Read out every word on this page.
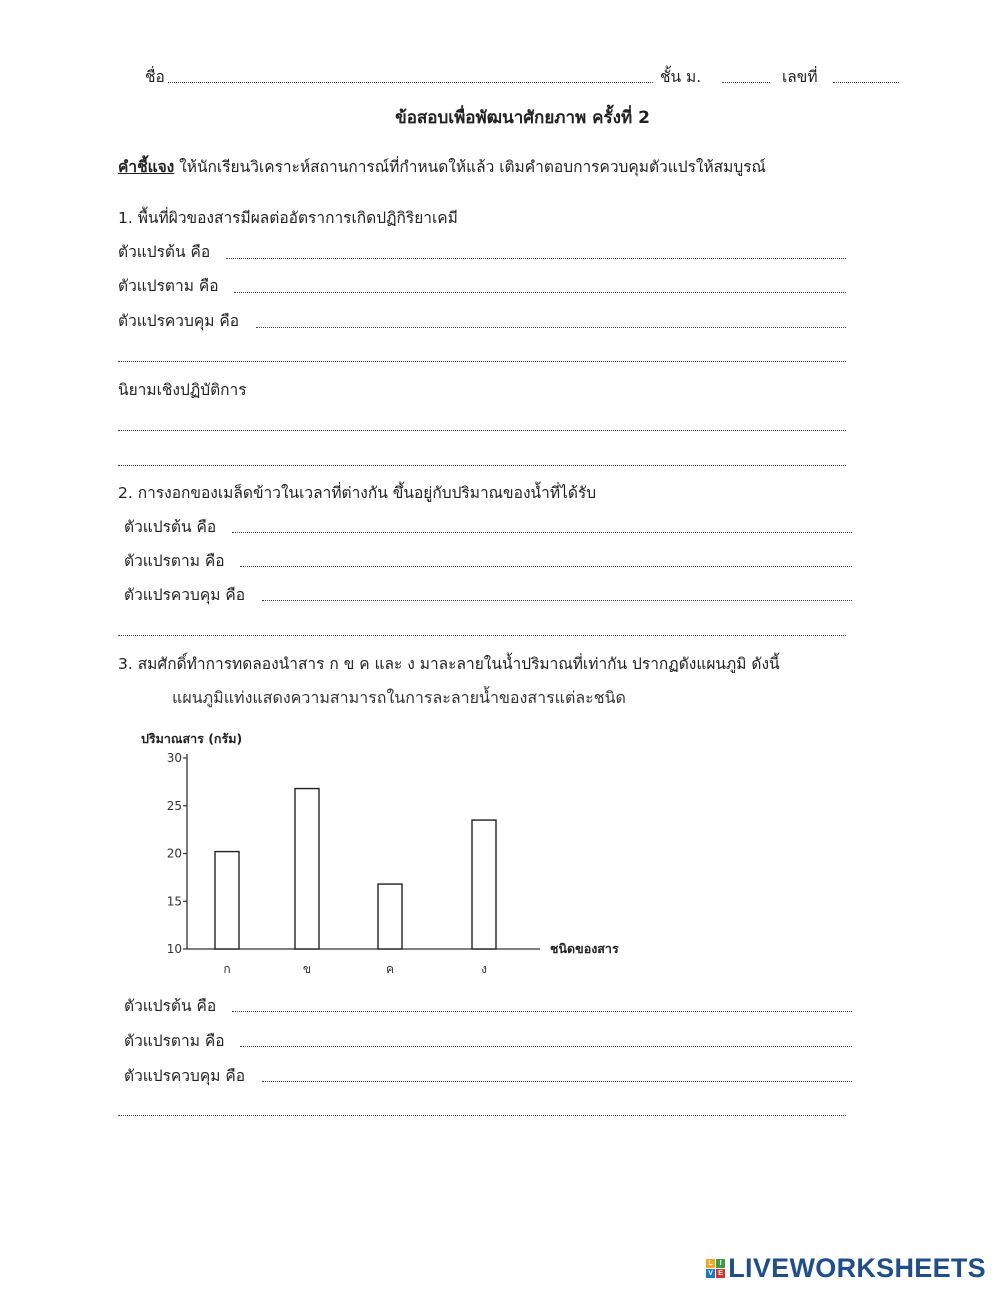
ชื่อ	ชั้น ม.	เลขที่
ข้อสอบเพื่อพัฒนาศักยภาพ ครั้งที่ 2
คำชี้แจง ให้นักเรียนวิเคราะห์สถานการณ์ที่กำหนดให้แล้ว เติมคำตอบการควบคุมตัวแปรให้สมบูรณ์
1. พื้นที่ผิวของสารมีผลต่ออัตราการเกิดปฏิกิริยาเคมี
ตัวแปรต้น คือ
ตัวแปรตาม คือ
ตัวแปรควบคุม คือ
นิยามเชิงปฏิบัติการ
2. การงอกของเมล็ดข้าวในเวลาที่ต่างกัน ขึ้นอยู่กับปริมาณของน้ำที่ได้รับ
ตัวแปรต้น คือ
ตัวแปรตาม คือ
ตัวแปรควบคุม คือ
3. สมศักดิ์ทำการทดลองนำสาร ก ข ค และ ง มาละลายในน้ำปริมาณที่เท่ากัน ปรากฏดังแผนภูมิ ดังนี้
แผนภูมิแท่งแสดงความสามารถในการละลายน้ำของสารแต่ละชนิด
10
15
20
25
30
ปริมาณสาร (กรัม)
ชนิดของสาร
ก	ข	ค	ง
ตัวแปรต้น คือ
ตัวแปรตาม คือ
ตัวแปรควบคุม คือ
L I
V E LIVEWORKSHEETS
